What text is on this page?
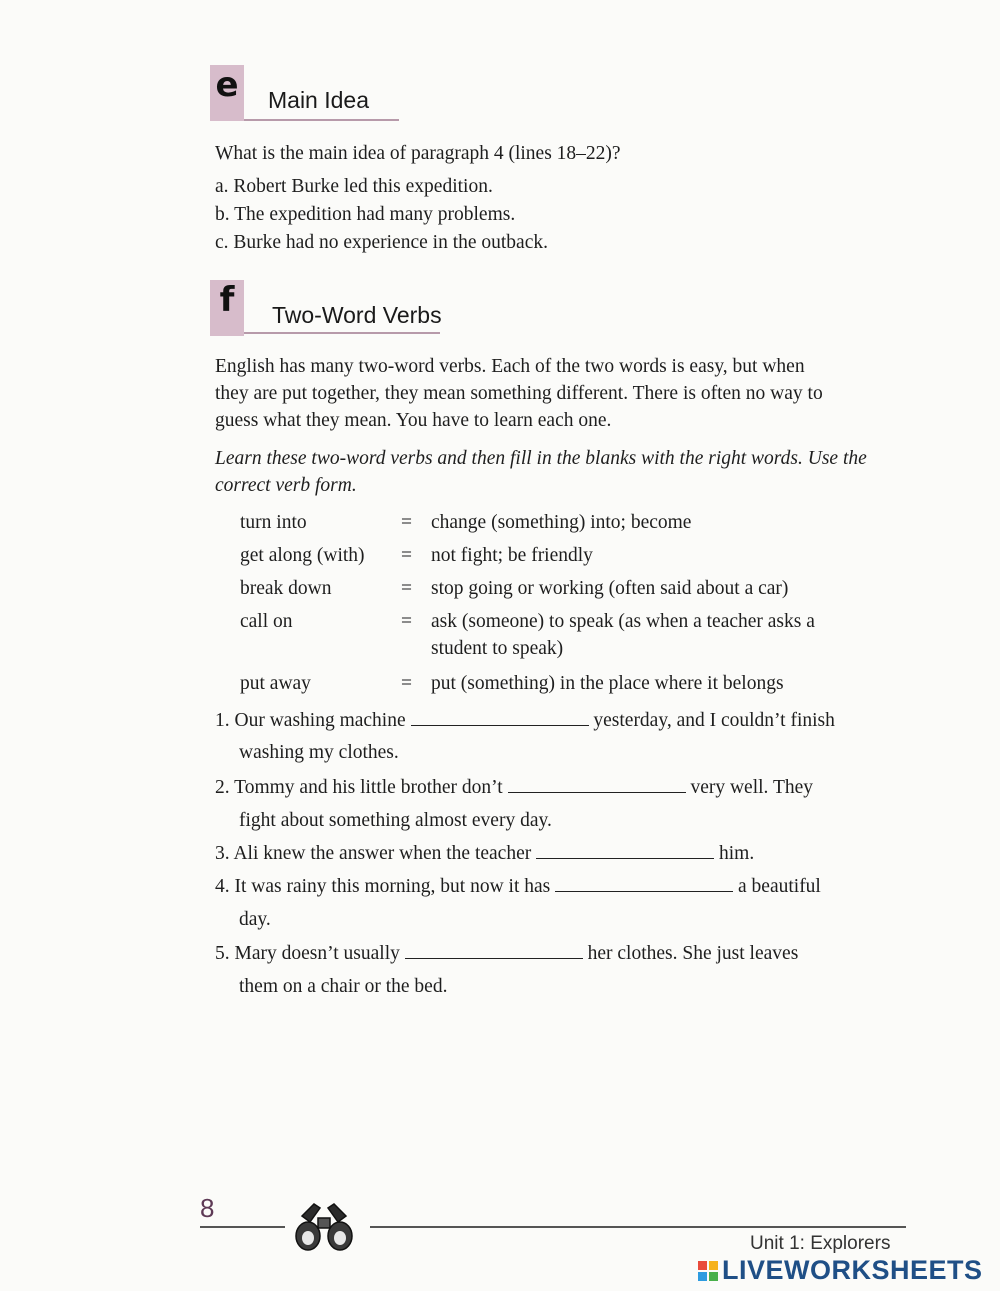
e Main Idea
What is the main idea of paragraph 4 (lines 18–22)?
a. Robert Burke led this expedition.
b. The expedition had many problems.
c. Burke had no experience in the outback.
f	Two-Word Verbs
English has many two-word verbs. Each of the two words is easy, but when
they are put together, they mean something different. There is often no way to
guess what they mean. You have to learn each one.
Learn these two-word verbs and then fill in the blanks with the right words. Use the
correct verb form.
turn into	= change (something) into; become
get along (with) = not fight; be friendly
break down	= stop going or working (often said about a car)
call on	= ask (someone) to speak (as when a teacher asks a
student to speak)
put away	= put (something) in the place where it belongs
1. Our washing machine	yesterday, and I couldn’t finish
washing my clothes.
2. Tommy and his little brother don’t	very well. They
fight about something almost every day.
3. Ali knew the answer when the teacher	him.
4. It was rainy this morning, but now it has	a beautiful
day.
5. Mary doesn’t usually	her clothes. She just leaves
them on a chair or the bed.
8
Unit 1: Explorers
LIVEWORKSHEETS
